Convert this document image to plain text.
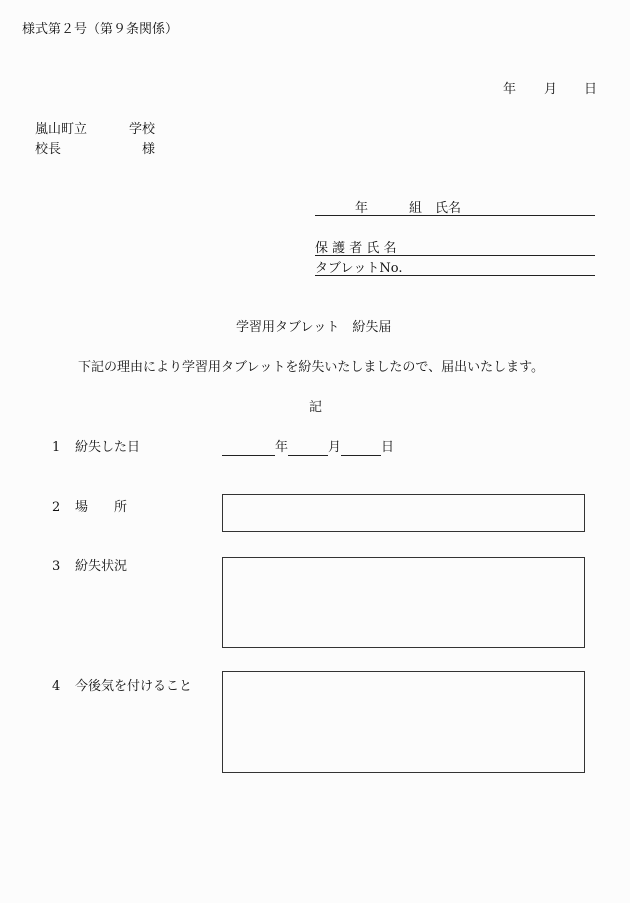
様式第２号（第９条関係）
年 月 日
嵐山町立	学校
校長	様
年	組 氏名
保 護 者 氏 名
タブレットNo.
学習用タブレット　紛失届
下記の理由により学習用タブレットを紛失いたしましたので、届出いたします。
記
1 紛失した日	年	月	日
2 場　　所
3 紛失状況
4 今後気を付けること
